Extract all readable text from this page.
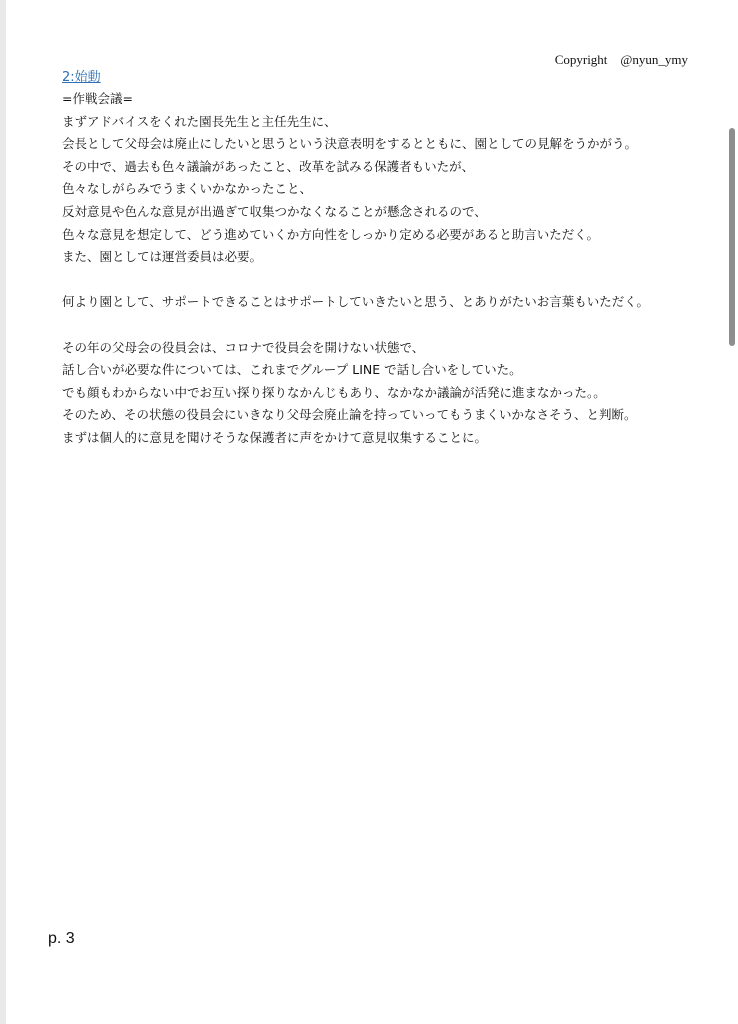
Copyright　@nyun_ymy
2:始動
=作戦会議=
まずアドバイスをくれた園長先生と主任先生に、
会長として父母会は廃止にしたいと思うという決意表明をするとともに、園としての見解をうかがう。
その中で、過去も色々議論があったこと、改革を試みる保護者もいたが、
色々なしがらみでうまくいかなかったこと、
反対意見や色んな意見が出過ぎて収集つかなくなることが懸念されるので、
色々な意見を想定して、どう進めていくか方向性をしっかり定める必要があると助言いただく。
また、園としては運営委員は必要。
何より園として、サポートできることはサポートしていきたいと思う、とありがたいお言葉もいただく。
その年の父母会の役員会は、コロナで役員会を開けない状態で、
話し合いが必要な件については、これまでグループ LINE で話し合いをしていた。
でも顔もわからない中でお互い探り探りなかんじもあり、なかなか議論が活発に進まなかった。。
そのため、その状態の役員会にいきなり父母会廃止論を持っていってもうまくいかなさそう、と判断。
まずは個人的に意見を聞けそうな保護者に声をかけて意見収集することに。
p. 3
